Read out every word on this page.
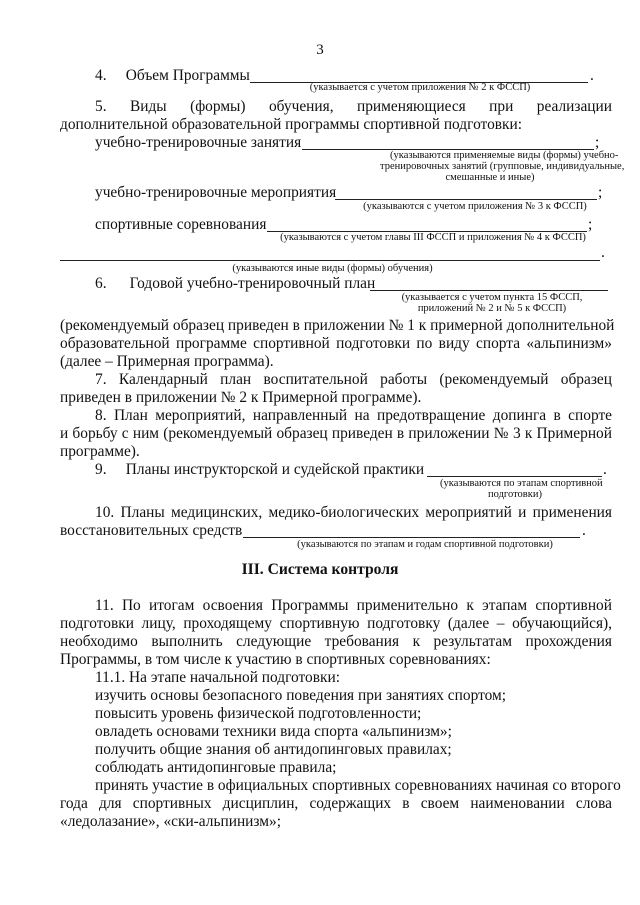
3
4.     Объем Программы	.
(указывается с учетом приложения № 2 к ФССП)
5. Виды (формы) обучения, применяющиеся при реализации
дополнительной образовательной программы спортивной подготовки:
учебно-тренировочные занятия	;
(указываются применяемые виды (формы) учебно-
тренировочных занятий (групповые, индивидуальные,
смешанные и иные)
учебно-тренировочные мероприятия	;
(указываются с учетом приложения № 3 к ФССП)
спортивные соревнования	;
(указываются с учетом главы III ФССП и приложения № 4 к ФССП)
.
(указываются иные виды (формы) обучения)
6.      Годовой учебно-тренировочный план
(указывается с учетом пункта 15 ФССП,
приложений № 2 и № 5 к ФССП)
(рекомендуемый образец приведен в приложении № 1 к примерной дополнительной
образовательной программе спортивной подготовки по виду спорта «альпинизм»
(далее – Примерная программа).
7. Календарный план воспитательной работы (рекомендуемый образец
приведен в приложении № 2 к Примерной программе).
8. План мероприятий, направленный на предотвращение допинга в спорте
и борьбу с ним (рекомендуемый образец приведен в приложении № 3 к Примерной
программе).
9.     Планы инструкторской и судейской практики	.
(указываются по этапам спортивной
подготовки)
10. Планы медицинских, медико-биологических мероприятий и применения
восстановительных средств	.
(указываются по этапам и годам спортивной подготовки)
III. Система контроля
11. По итогам освоения Программы применительно к этапам спортивной
подготовки лицу, проходящему спортивную подготовку (далее – обучающийся),
необходимо выполнить следующие требования к результатам прохождения
Программы, в том числе к участию в спортивных соревнованиях:
11.1. На этапе начальной подготовки:
изучить основы безопасного поведения при занятиях спортом;
повысить уровень физической подготовленности;
овладеть основами техники вида спорта «альпинизм»;
получить общие знания об антидопинговых правилах;
соблюдать антидопинговые правила;
принять участие в официальных спортивных соревнованиях начиная со второго
года для спортивных дисциплин, содержащих в своем наименовании слова
«ледолазание», «ски-альпинизм»;
